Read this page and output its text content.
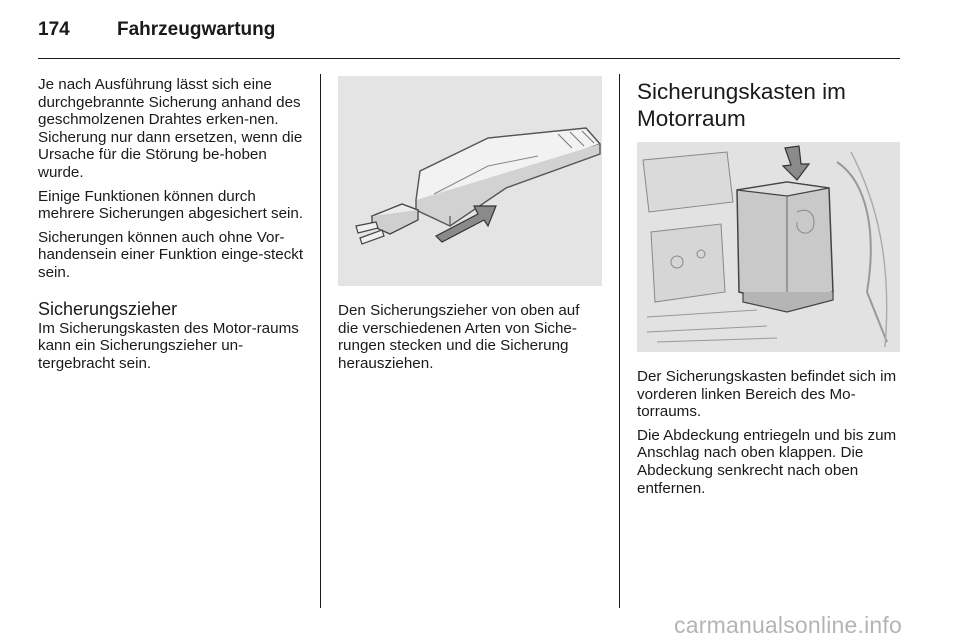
174 Fahrzeugwartung

Je nach Ausführung lässt sich eine durchgebrannte Sicherung anhand des geschmolzenen Drahtes erken-nen. Sicherung nur dann ersetzen, wenn die Ursache für die Störung be-hoben wurde.

Einige Funktionen können durch mehrere Sicherungen abgesichert sein.

Sicherungen können auch ohne Vor-handensein einer Funktion einge-steckt sein.

Sicherungszieher

Im Sicherungskasten des Motor-raums kann ein Sicherungszieher un-tergebracht sein.

Den Sicherungszieher von oben auf die verschiedenen Arten von Siche-rungen stecken und die Sicherung herausziehen.

Sicherungskasten im Motorraum

Der Sicherungskasten befindet sich im vorderen linken Bereich des Mo-torraums.

Die Abdeckung entriegeln und bis zum Anschlag nach oben klappen. Die Abdeckung senkrecht nach oben entfernen.

carmanualsonline.info
